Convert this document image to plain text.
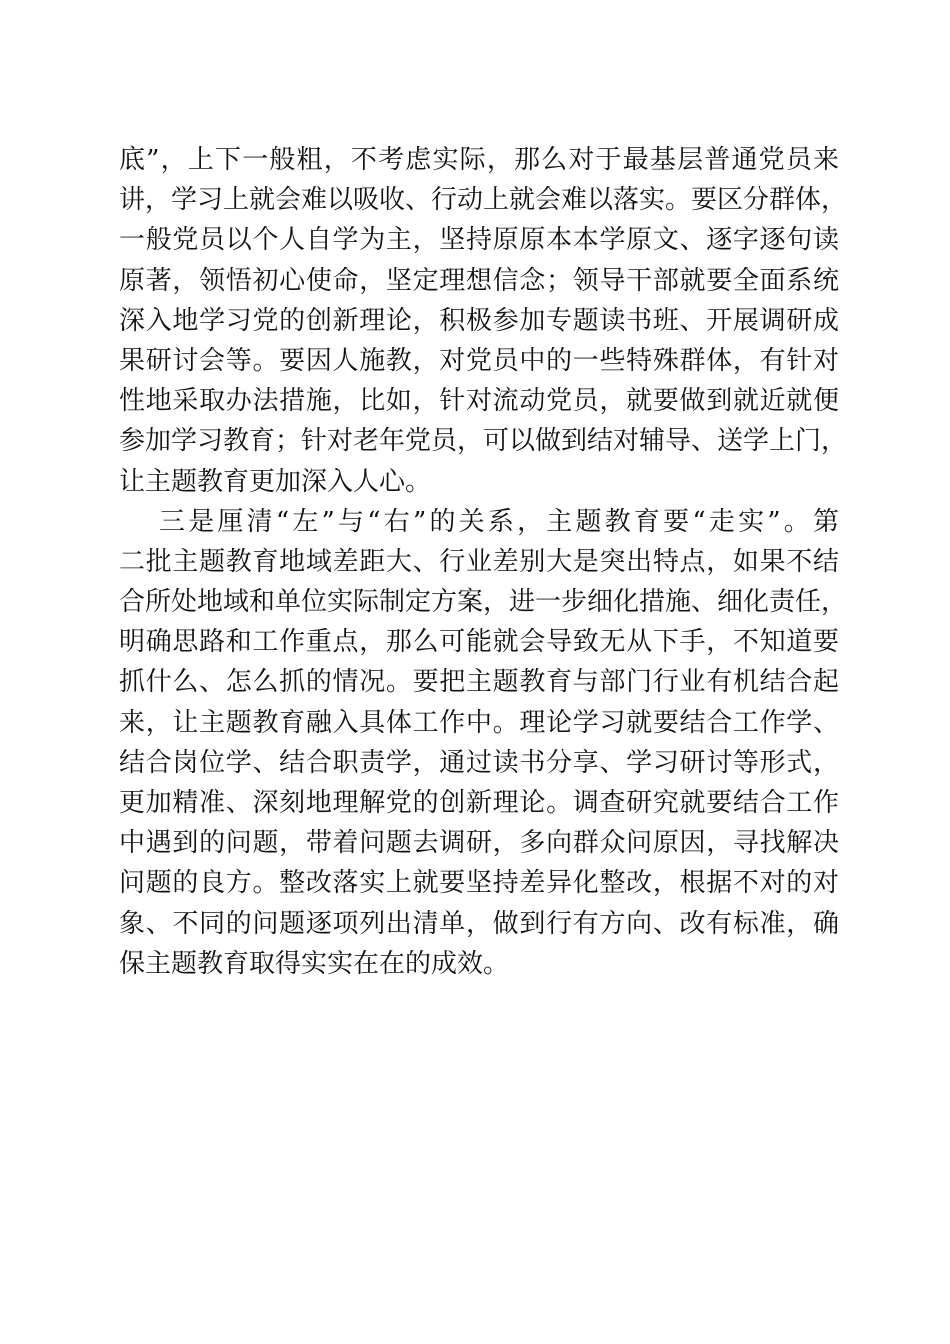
底”，上下一般粗，不考虑实际，那么对于最基层普通党员来
讲，学习上就会难以吸收、行动上就会难以落实。要区分群体，
一般党员以个人自学为主，坚持原原本本学原文、逐字逐句读
原著，领悟初心使命，坚定理想信念；领导干部就要全面系统
深入地学习党的创新理论，积极参加专题读书班、开展调研成
果研讨会等。要因人施教，对党员中的一些特殊群体，有针对
性地采取办法措施，比如，针对流动党员，就要做到就近就便
参加学习教育；针对老年党员，可以做到结对辅导、送学上门，
让主题教育更加深入人心。
三是厘清“左”与“右”的关系，主题教育要“走实”。第
二批主题教育地域差距大、行业差别大是突出特点，如果不结
合所处地域和单位实际制定方案，进一步细化措施、细化责任，
明确思路和工作重点，那么可能就会导致无从下手，不知道要
抓什么、怎么抓的情况。要把主题教育与部门行业有机结合起
来，让主题教育融入具体工作中。理论学习就要结合工作学、
结合岗位学、结合职责学，通过读书分享、学习研讨等形式，
更加精准、深刻地理解党的创新理论。调查研究就要结合工作
中遇到的问题，带着问题去调研，多向群众问原因，寻找解决
问题的良方。整改落实上就要坚持差异化整改，根据不对的对
象、不同的问题逐项列出清单，做到行有方向、改有标准，确
保主题教育取得实实在在的成效。
